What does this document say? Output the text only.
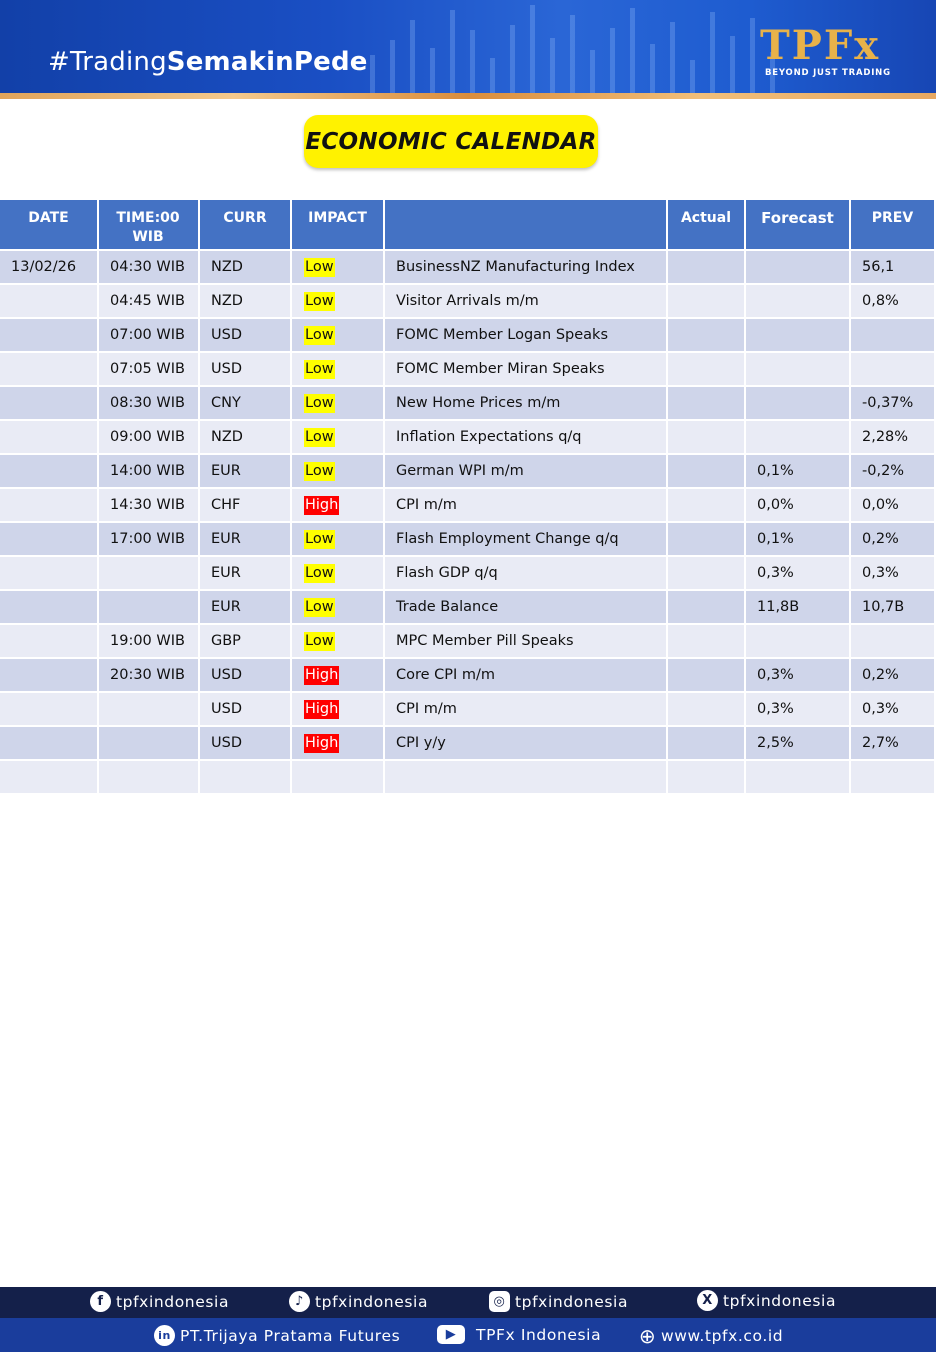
#TradingSemakinPede	TPFx
BEYOND JUST TRADING
ECONOMIC CALENDAR
DATE	TIME:00 WIB	CURR	IMPACT		Actual	Forecast	PREV
13/02/26	04:30 WIB	NZD	Low	BusinessNZ Manufacturing Index			56,1
	04:45 WIB	NZD	Low	Visitor Arrivals m/m			0,8%
	07:00 WIB	USD	Low	FOMC Member Logan Speaks			
	07:05 WIB	USD	Low	FOMC Member Miran Speaks			
	08:30 WIB	CNY	Low	New Home Prices m/m			-0,37%
	09:00 WIB	NZD	Low	Inflation Expectations q/q			2,28%
	14:00 WIB	EUR	Low	German WPI m/m		0,1%	-0,2%
	14:30 WIB	CHF	High	CPI m/m		0,0%	0,0%
	17:00 WIB	EUR	Low	Flash Employment Change q/q		0,1%	0,2%
		EUR	Low	Flash GDP q/q		0,3%	0,3%
		EUR	Low	Trade Balance		11,8B	10,7B
	19:00 WIB	GBP	Low	MPC Member Pill Speaks			
	20:30 WIB	USD	High	Core CPI m/m		0,3%	0,2%
		USD	High	CPI m/m		0,3%	0,3%
		USD	High	CPI y/y		2,5%	2,7%

f tpfxindonesia	♪ tpfxindonesia	◎ tpfxindonesia	X tpfxindonesia
in PT.Trijaya Pratama Futures	▶	TPFx Indonesia ⊕ www.tpfx.co.id
